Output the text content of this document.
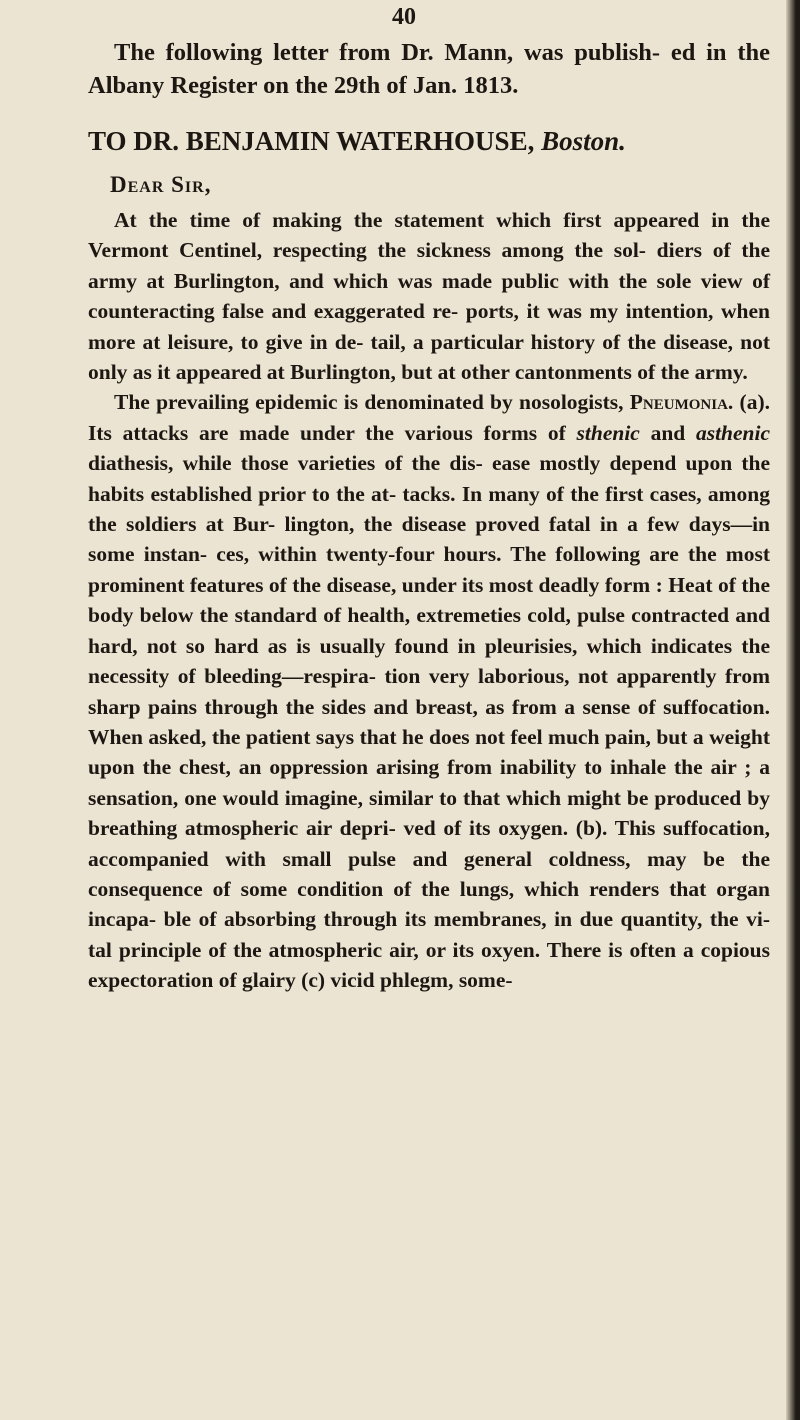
40
The following letter from Dr. Mann, was publish- ed in the Albany Register on the 29th of Jan. 1813.
TO DR. BENJAMIN WATERHOUSE, Boston.
Dear Sir,

At the time of making the statement which first appeared in the Vermont Centinel, respecting the sickness among the sol- diers of the army at Burlington, and which was made public with the sole view of counteracting false and exaggerated re- ports, it was my intention, when more at leisure, to give in de- tail, a particular history of the disease, not only as it appeared at Burlington, but at other cantonments of the army.

The prevailing epidemic is denominated by nosologists, Pneumonia. (a). Its attacks are made under the various forms of sthenic and asthenic diathesis, while those varieties of the dis- ease mostly depend upon the habits established prior to the at- tacks. In many of the first cases, among the soldiers at Bur- lington, the disease proved fatal in a few days—in some instan- ces, within twenty-four hours. The following are the most prominent features of the disease, under its most deadly form : Heat of the body below the standard of health, extremeties cold, pulse contracted and hard, not so hard as is usually found in pleurisies, which indicates the necessity of bleeding—respira- tion very laborious, not apparently from sharp pains through the sides and breast, as from a sense of suffocation. When asked, the patient says that he does not feel much pain, but a weight upon the chest, an oppression arising from inability to inhale the air ; a sensation, one would imagine, similar to that which might be produced by breathing atmospheric air depri- ved of its oxygen. (b). This suffocation, accompanied with small pulse and general coldness, may be the consequence of some condition of the lungs, which renders that organ incapa- ble of absorbing through its membranes, in due quantity, the vi- tal principle of the atmospheric air, or its oxyen. There is often a copious expectoration of glairy (c) vicid phlegm, some-
